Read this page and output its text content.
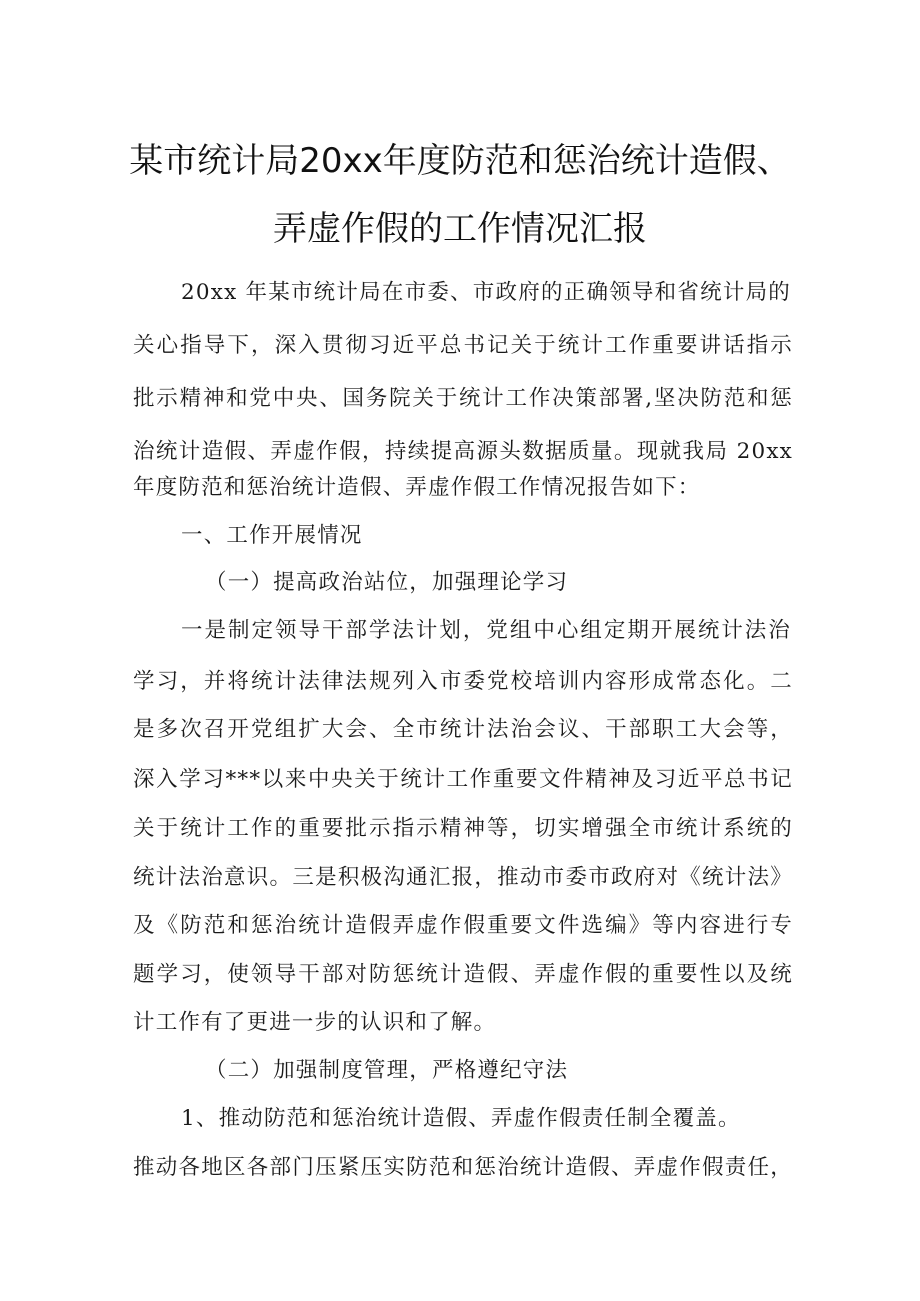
某市统计局20xx年度防范和惩治统计造假、
弄虚作假的工作情况汇报
20xx 年某市统计局在市委、市政府的正确领导和省统计局的
关心指导下，深入贯彻习近平总书记关于统计工作重要讲话指示
批示精神和党中央、国务院关于统计工作决策部署,坚决防范和惩
治统计造假、弄虚作假，持续提高源头数据质量。现就我局 20xx
年度防范和惩治统计造假、弄虚作假工作情况报告如下：
一、工作开展情况
（一）提高政治站位，加强理论学习
一是制定领导干部学法计划，党组中心组定期开展统计法治
学习，并将统计法律法规列入市委党校培训内容形成常态化。二
是多次召开党组扩大会、全市统计法治会议、干部职工大会等，
深入学习***以来中央关于统计工作重要文件精神及习近平总书记
关于统计工作的重要批示指示精神等，切实增强全市统计系统的
统计法治意识。三是积极沟通汇报，推动市委市政府对《统计法》
及《防范和惩治统计造假弄虚作假重要文件选编》等内容进行专
题学习，使领导干部对防惩统计造假、弄虚作假的重要性以及统
计工作有了更进一步的认识和了解。
（二）加强制度管理，严格遵纪守法
1、推动防范和惩治统计造假、弄虚作假责任制全覆盖。
推动各地区各部门压紧压实防范和惩治统计造假、弄虚作假责任，
